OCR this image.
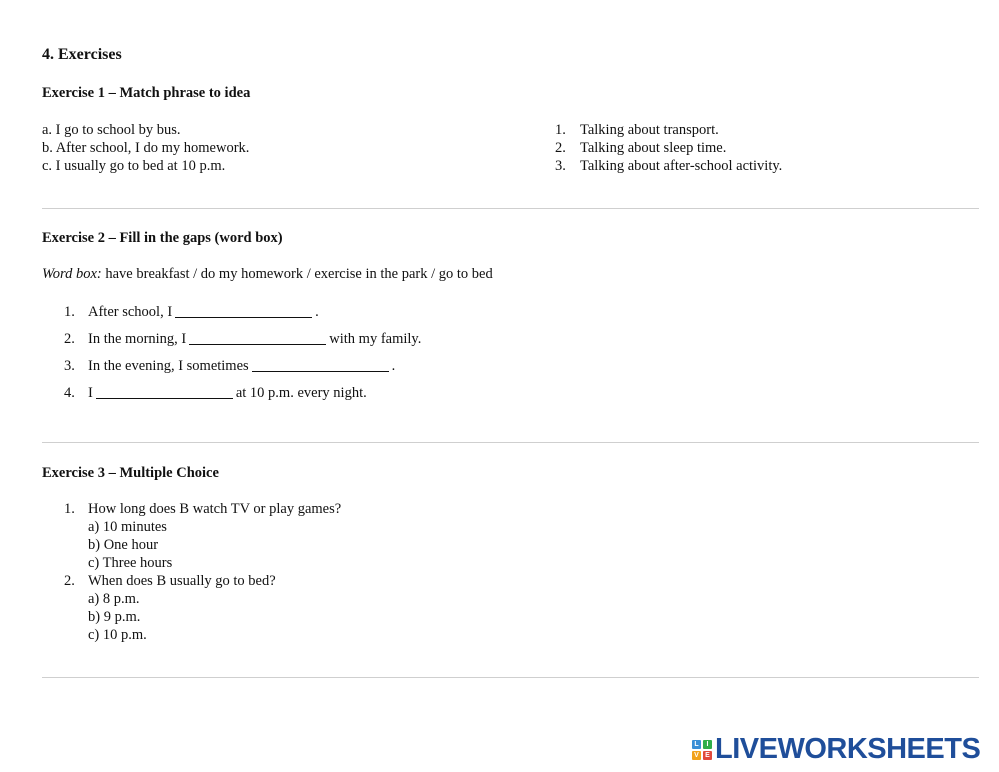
4. Exercises
Exercise 1 – Match phrase to idea
a. I go to school by bus.
b. After school, I do my homework.
c. I usually go to bed at 10 p.m.
1. Talking about transport.
2. Talking about sleep time.
3. Talking about after-school activity.
Exercise 2 – Fill in the gaps (word box)
Word box: have breakfast / do my homework / exercise in the park / go to bed
1. After school, I	.
2. In the morning, I	with my family.
3. In the evening, I sometimes	.
4. I	at 10 p.m. every night.
Exercise 3 – Multiple Choice
1. How long does B watch TV or play games?
a) 10 minutes
b) One hour
c) Three hours
2. When does B usually go to bed?
a) 8 p.m.
b) 9 p.m.
c) 10 p.m.
L	I
V E LIVEWORKSHEETS
